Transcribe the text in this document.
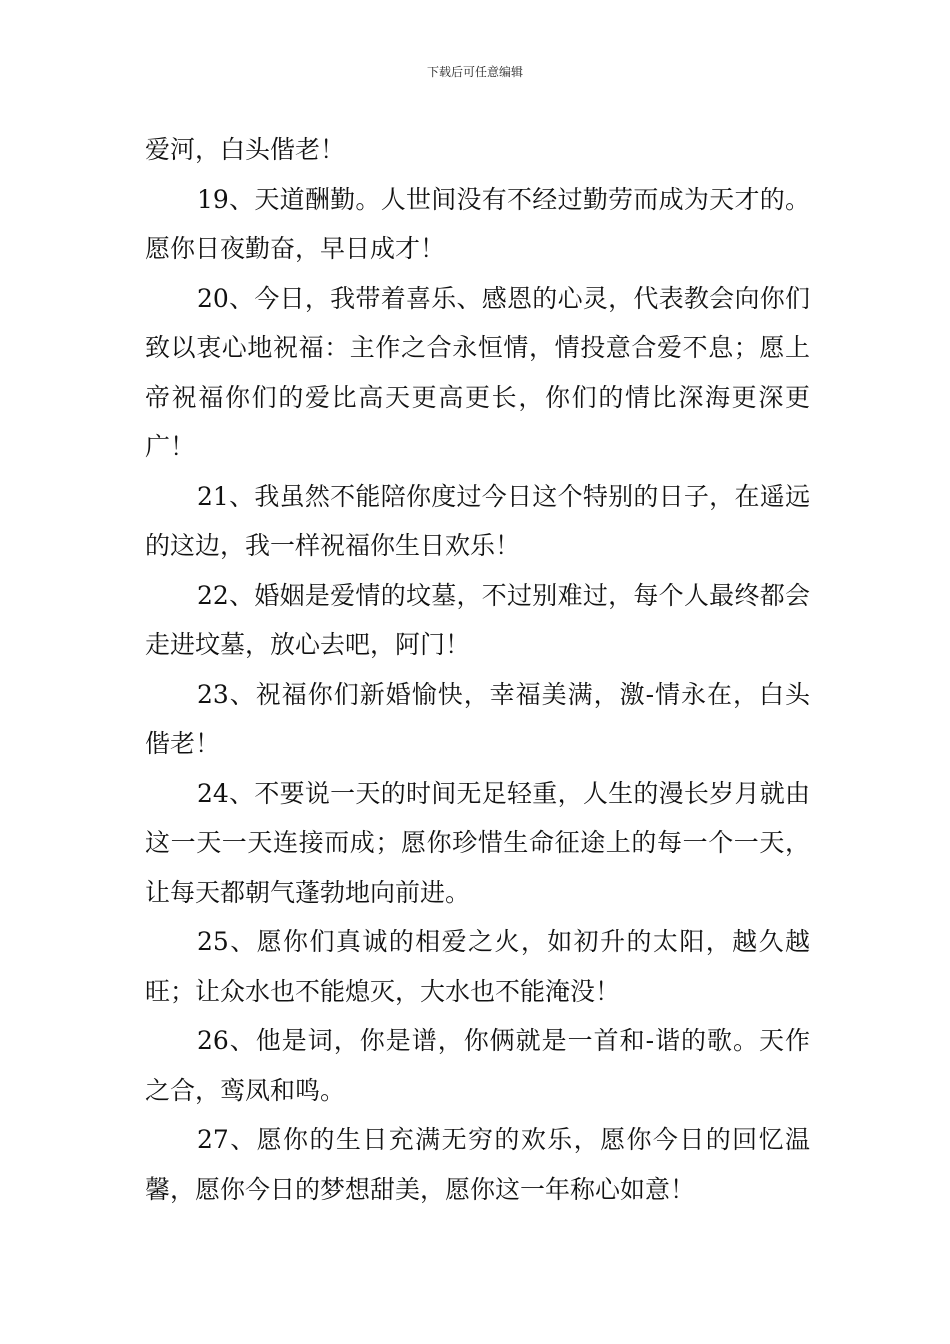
下载后可任意编辑

爱河，白头偕老！

19、天道酬勤。人世间没有不经过勤劳而成为天才的。愿你日夜勤奋，早日成才！

20、今日，我带着喜乐、感恩的心灵，代表教会向你们致以衷心地祝福：主作之合永恒情，情投意合爱不息；愿上帝祝福你们的爱比高天更高更长，你们的情比深海更深更广！

21、我虽然不能陪你度过今日这个特别的日子，在遥远的这边，我一样祝福你生日欢乐！

22、婚姻是爱情的坟墓，不过别难过，每个人最终都会走进坟墓，放心去吧，阿门！

23、祝福你们新婚愉快，幸福美满，激-情永在，白头偕老！

24、不要说一天的时间无足轻重，人生的漫长岁月就由这一天一天连接而成；愿你珍惜生命征途上的每一个一天，让每天都朝气蓬勃地向前进。

25、愿你们真诚的相爱之火，如初升的太阳，越久越旺；让众水也不能熄灭，大水也不能淹没！

26、他是词，你是谱，你俩就是一首和-谐的歌。天作之合，鸾凤和鸣。

27、愿你的生日充满无穷的欢乐，愿你今日的回忆温馨，愿你今日的梦想甜美，愿你这一年称心如意！
